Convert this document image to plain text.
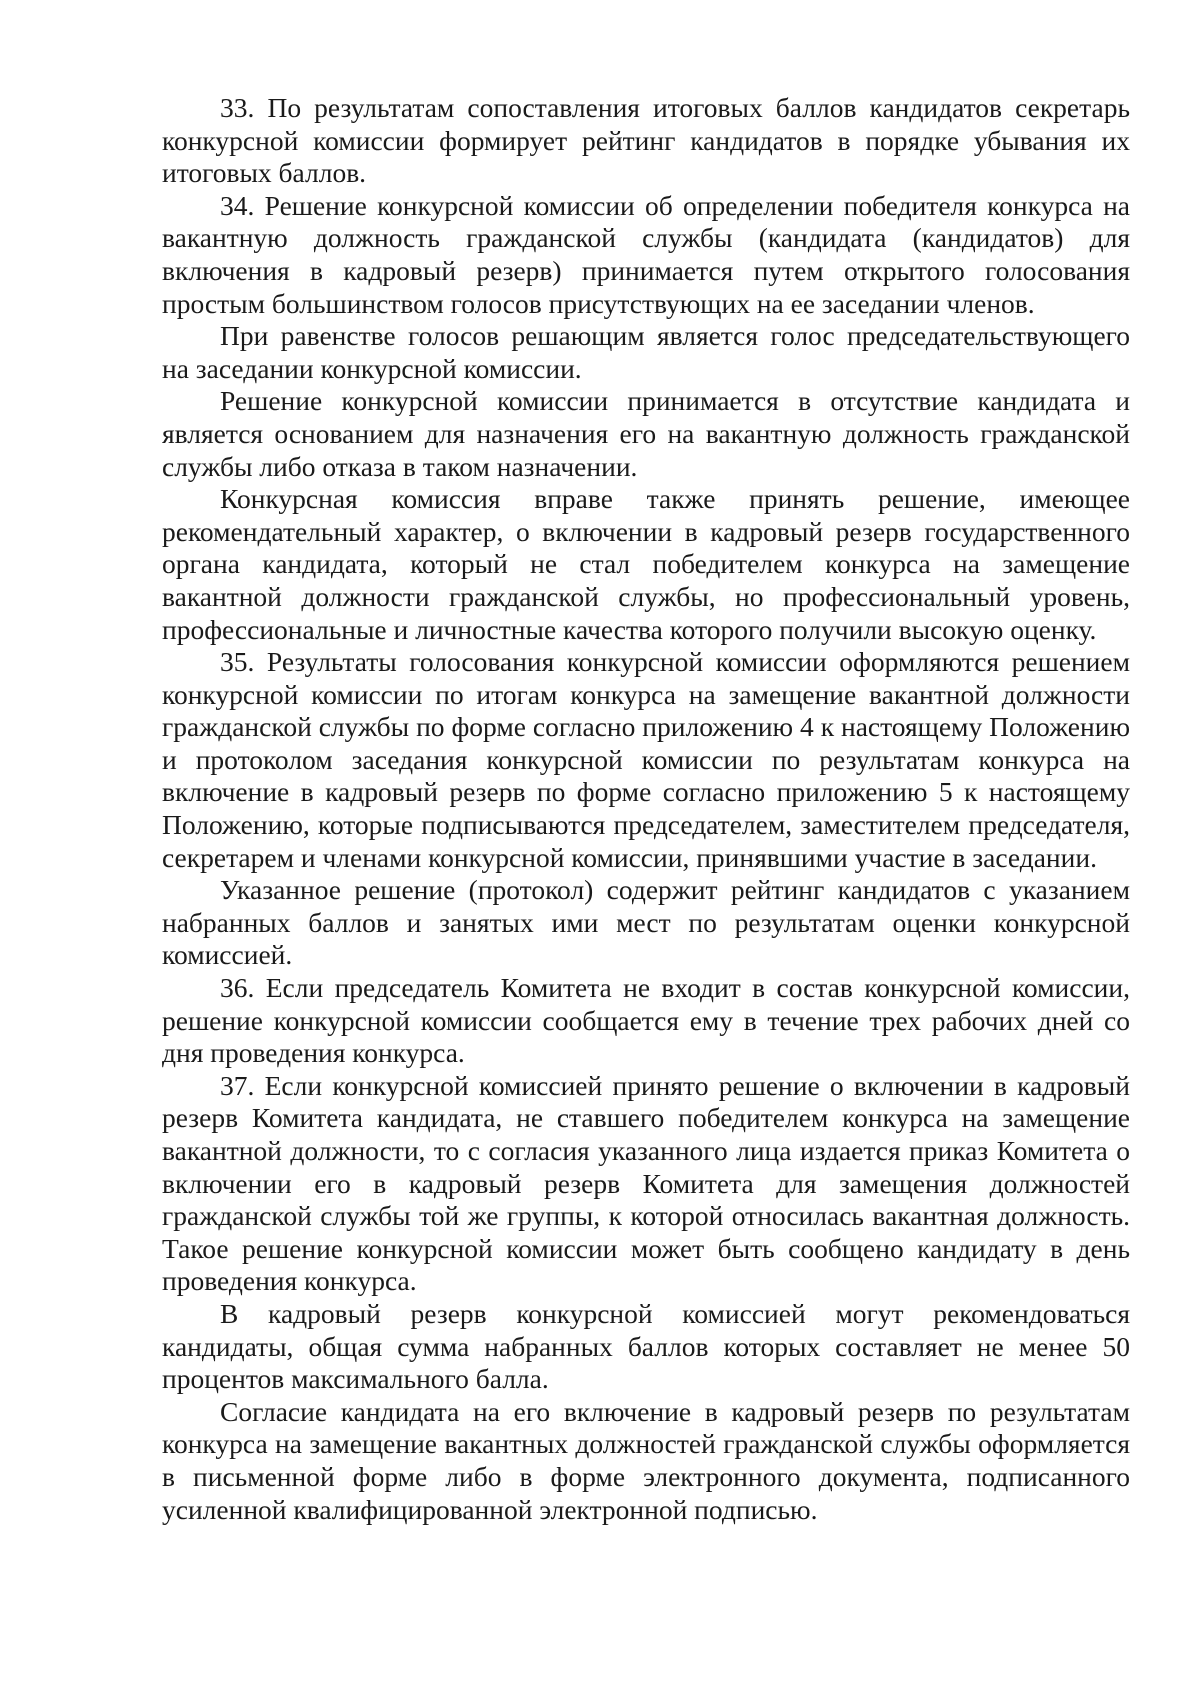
33. По результатам сопоставления итоговых баллов кандидатов секретарь конкурсной комиссии формирует рейтинг кандидатов в порядке убывания их итоговых баллов.

34. Решение конкурсной комиссии об определении победителя конкурса на вакантную должность гражданской службы (кандидата (кандидатов) для включения в кадровый резерв) принимается путем открытого голосования простым большинством голосов присутствующих на ее заседании членов.

При равенстве голосов решающим является голос председательствующего на заседании конкурсной комиссии.

Решение конкурсной комиссии принимается в отсутствие кандидата и является основанием для назначения его на вакантную должность гражданской службы либо отказа в таком назначении.

Конкурсная комиссия вправе также принять решение, имеющее рекомендательный характер, о включении в кадровый резерв государственного органа кандидата, который не стал победителем конкурса на замещение вакантной должности гражданской службы, но профессиональный уровень, профессиональные и личностные качества которого получили высокую оценку.

35. Результаты голосования конкурсной комиссии оформляются решением конкурсной комиссии по итогам конкурса на замещение вакантной должности гражданской службы по форме согласно приложению 4 к настоящему Положению и протоколом заседания конкурсной комиссии по результатам конкурса на включение в кадровый резерв по форме согласно приложению 5 к настоящему Положению, которые подписываются председателем, заместителем председателя, секретарем и членами конкурсной комиссии, принявшими участие в заседании.

Указанное решение (протокол) содержит рейтинг кандидатов с указанием набранных баллов и занятых ими мест по результатам оценки конкурсной комиссией.

36. Если председатель Комитета не входит в состав конкурсной комиссии, решение конкурсной комиссии сообщается ему в течение трех рабочих дней со дня проведения конкурса.

37. Если конкурсной комиссией принято решение о включении в кадровый резерв Комитета кандидата, не ставшего победителем конкурса на замещение вакантной должности, то с согласия указанного лица издается приказ Комитета о включении его в кадровый резерв Комитета для замещения должностей гражданской службы той же группы, к которой относилась вакантная должность. Такое решение конкурсной комиссии может быть сообщено кандидату в день проведения конкурса.

В кадровый резерв конкурсной комиссией могут рекомендоваться кандидаты, общая сумма набранных баллов которых составляет не менее 50 процентов максимального балла.

Согласие кандидата на его включение в кадровый резерв по результатам конкурса на замещение вакантных должностей гражданской службы оформляется в письменной форме либо в форме электронного документа, подписанного усиленной квалифицированной электронной подписью.
